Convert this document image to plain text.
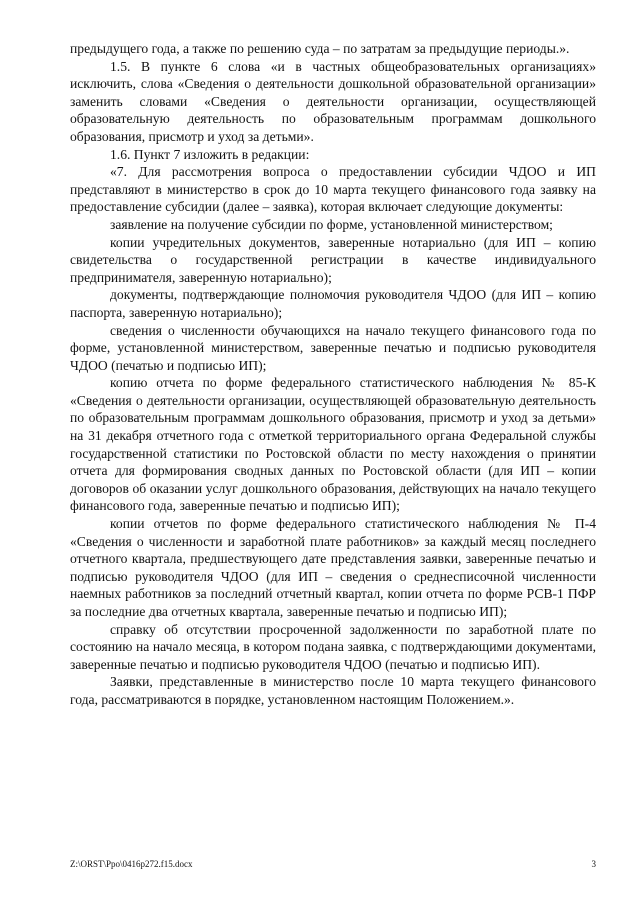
предыдущего года, а также по решению суда – по затратам за предыдущие периоды.».

1.5. В пункте 6 слова «и в частных общеобразовательных организациях» исключить, слова «Сведения о деятельности дошкольной образовательной организации» заменить словами «Сведения о деятельности организации, осуществляющей образовательную деятельность по образовательным программам дошкольного образования, присмотр и уход за детьми».

1.6. Пункт 7 изложить в редакции:

«7. Для рассмотрения вопроса о предоставлении субсидии ЧДОО и ИП представляют в министерство в срок до 10 марта текущего финансового года заявку на предоставление субсидии (далее – заявка), которая включает следующие документы:

заявление на получение субсидии по форме, установленной министерством;

копии учредительных документов, заверенные нотариально (для ИП – копию свидетельства о государственной регистрации в качестве индивидуального предпринимателя, заверенную нотариально);

документы, подтверждающие полномочия руководителя ЧДОО (для ИП – копию паспорта, заверенную нотариально);

сведения о численности обучающихся на начало текущего финансового года по форме, установленной министерством, заверенные печатью и подписью руководителя ЧДОО (печатью и подписью ИП);

копию отчета по форме федерального статистического наблюдения № 85-К «Сведения о деятельности организации, осуществляющей образовательную деятельность по образовательным программам дошкольного образования, присмотр и уход за детьми» на 31 декабря отчетного года с отметкой территориального органа Федеральной службы государственной статистики по Ростовской области по месту нахождения о принятии отчета для формирования сводных данных по Ростовской области (для ИП – копии договоров об оказании услуг дошкольного образования, действующих на начало текущего финансового года, заверенные печатью и подписью ИП);

копии отчетов по форме федерального статистического наблюдения № П-4 «Сведения о численности и заработной плате работников» за каждый месяц последнего отчетного квартала, предшествующего дате представления заявки, заверенные печатью и подписью руководителя ЧДОО (для ИП – сведения о среднесписочной численности наемных работников за последний отчетный квартал, копии отчета по форме РСВ-1 ПФР за последние два отчетных квартала, заверенные печатью и подписью ИП);

справку об отсутствии просроченной задолженности по заработной плате по состоянию на начало месяца, в котором подана заявка, с подтверждающими документами, заверенные печатью и подписью руководителя ЧДОО (печатью и подписью ИП).

Заявки, представленные в министерство после 10 марта текущего финансового года, рассматриваются в порядке, установленном настоящим Положением.».

Z:\ORST\Ppo\0416p272.f15.docx	3
